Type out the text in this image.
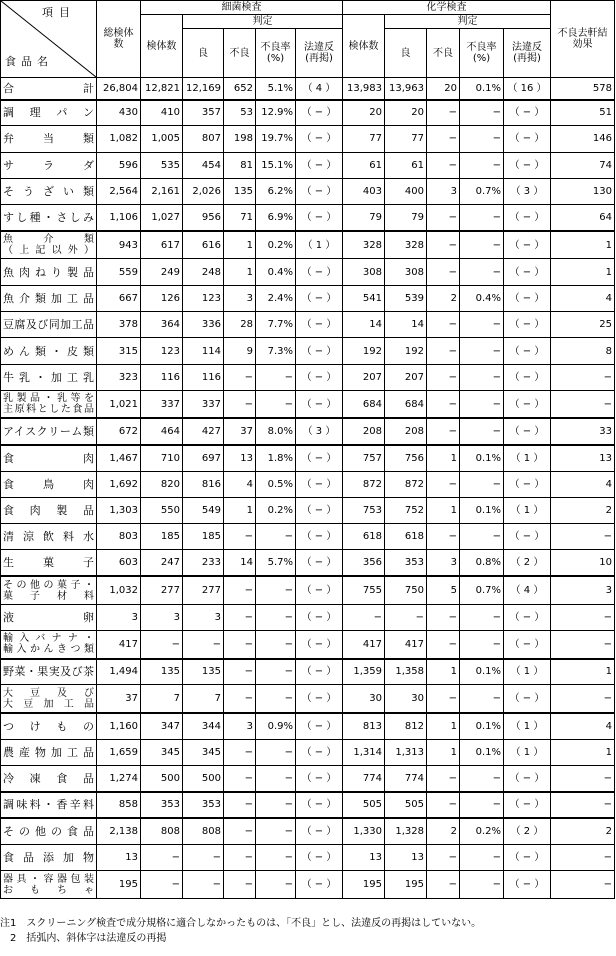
項目
食品名	総検体数	細菌検査					化学検査					不良去軒結効果
		検体数	判定				検体数	判定				
			良	不良	不良率(%)	法違反(再掲)		良	不良	不良率(%)	法違反(再掲)	
合計	26,804	12,821	12,169	652	5.1%	（ 4 ）	13,983	13,963	20	0.1%	（ 16 ）	578
調理パン	430	410	357	53	12.9%	（ − ）	20	20	−	−	（ − ）	51
弁当類	1,082	1,005	807	198	19.7%	（ − ）	77	77	−	−	（ − ）	146
サラダ	596	535	454	81	15.1%	（ − ）	61	61	−	−	（ − ）	74
そうざい類	2,564	2,161	2,026	135	6.2%	（ − ）	403	400	3	0.7%	（ 3 ）	130
すし種・さしみ	1,106	1,027	956	71	6.9%	（ − ）	79	79	−	−	（ − ）	64

魚介類
（上記以外）	943	617	616	1	0.2%	（ 1 ）	328	328	−	−	（ − ）	1
魚肉ねり製品	559	249	248	1	0.4%	（ − ）	308	308	−	−	（ − ）	1
魚介類加工品	667	126	123	3	2.4%	（ − ）	541	539	2	0.4%	（ − ）	4
豆腐及び同加工品	378	364	336	28	7.7%	（ − ）	14	14	−	−	（ − ）	25
めん類・皮類	315	123	114	9	7.3%	（ − ）	192	192	−	−	（ − ）	8
牛乳・加工乳	323	116	116	−	−	（ − ）	207	207	−	−	（ − ）	−

乳製品・乳等を
主原料とした食品	1,021	337	337	−	−	（ − ）	684	684	−	−	（ − ）	−
アイスクリーム類	672	464	427	37	8.0%	（ 3 ）	208	208	−	−	（ − ）	33
食肉	1,467	710	697	13	1.8%	（ − ）	757	756	1	0.1%	（ 1 ）	13
食鳥肉	1,692	820	816	4	0.5%	（ − ）	872	872	−	−	（ − ）	4
食肉製品	1,303	550	549	1	0.2%	（ − ）	753	752	1	0.1%	（ 1 ）	2
清涼飲料水	803	185	185	−	−	（ − ）	618	618	−	−	（ − ）	−
生菓子	603	247	233	14	5.7%	（ − ）	356	353	3	0.8%	（ 2 ）	10

その他の菓子・
菓子材料	1,032	277	277	−	−	（ − ）	755	750	5	0.7%	（ 4 ）	3
液卵	3	3	3	−	−	（ − ）	−	−	−	−	（ − ）	−

輸入バナナ・
輸入かんきつ類	417	−	−	−	−	（ − ）	417	417	−	−	（ − ）	−
野菜・果実及び茶	1,494	135	135	−	−	（ − ）	1,359	1,358	1	0.1%	（ 1 ）	1

大豆及び
大豆加工品	37	7	7	−	−	（ − ）	30	30	−	−	（ − ）	−
つけもの	1,160	347	344	3	0.9%	（ − ）	813	812	1	0.1%	（ 1 ）	4
農産物加工品	1,659	345	345	−	−	（ − ）	1,314	1,313	1	0.1%	（ 1 ）	1
冷凍食品	1,274	500	500	−	−	（ − ）	774	774	−	−	（ − ）	−
調味料・香辛料	858	353	353	−	−	（ − ）	505	505	−	−	（ − ）	−
その他の食品	2,138	808	808	−	−	（ − ）	1,330	1,328	2	0.2%	（ 2 ）	2
食品添加物	13	−	−	−	−	（ − ）	13	13	−	−	（ − ）	−

器具・容器包装
おもちゃ	195	−	−	−	−	（ − ）	195	195	−	−	（ − ）	−
注1　スクリーニング検査で成分規格に適合しなかったものは、「不良」とし、法違反の再掲はしていない。
　2　括弧内、斜体字は法違反の再掲
